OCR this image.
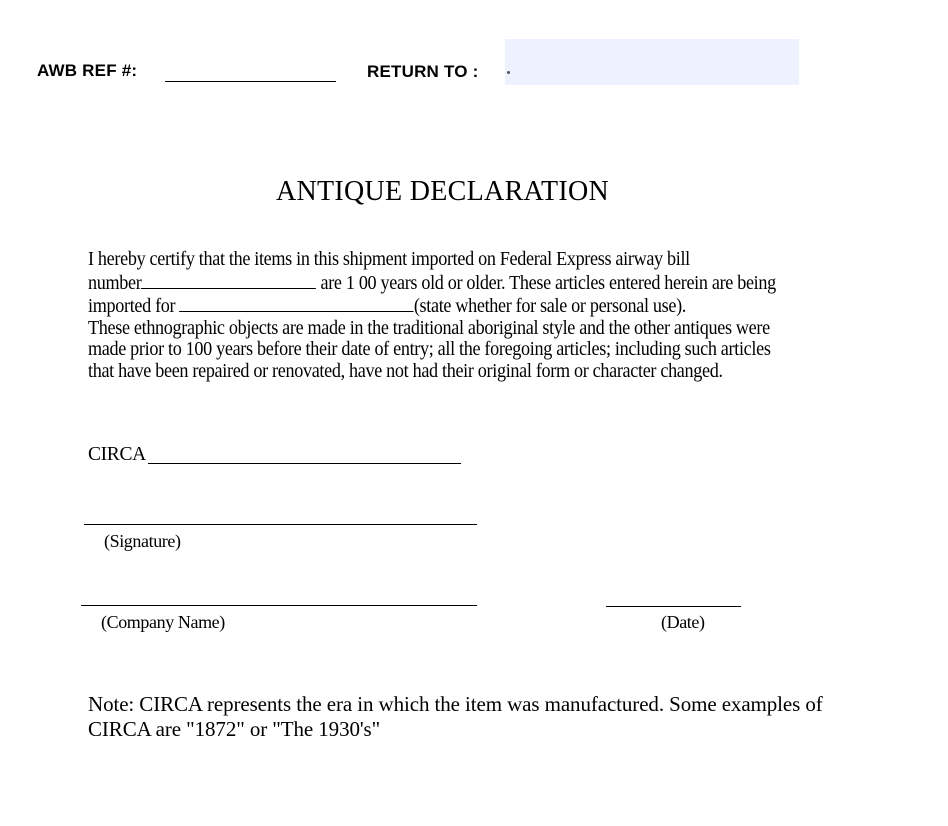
AWB REF #:	RETURN TO :
ANTIQUE DECLARATION
I hereby certify that the items in this shipment imported on Federal Express airway bill
number	are 1 00 years old or older. These articles entered herein are being
imported for	(state whether for sale or personal use).
These ethnographic objects are made in the traditional aboriginal style and the other antiques were
made prior to 100 years before their date of entry; all the foregoing articles; including such articles
that have been repaired or renovated, have not had their original form or character changed.
CIRCA
(Signature)
(Company Name)	(Date)
Note: CIRCA represents the era in which the item was manufactured. Some examples of CIRCA are "1872" or "The 1930's"
